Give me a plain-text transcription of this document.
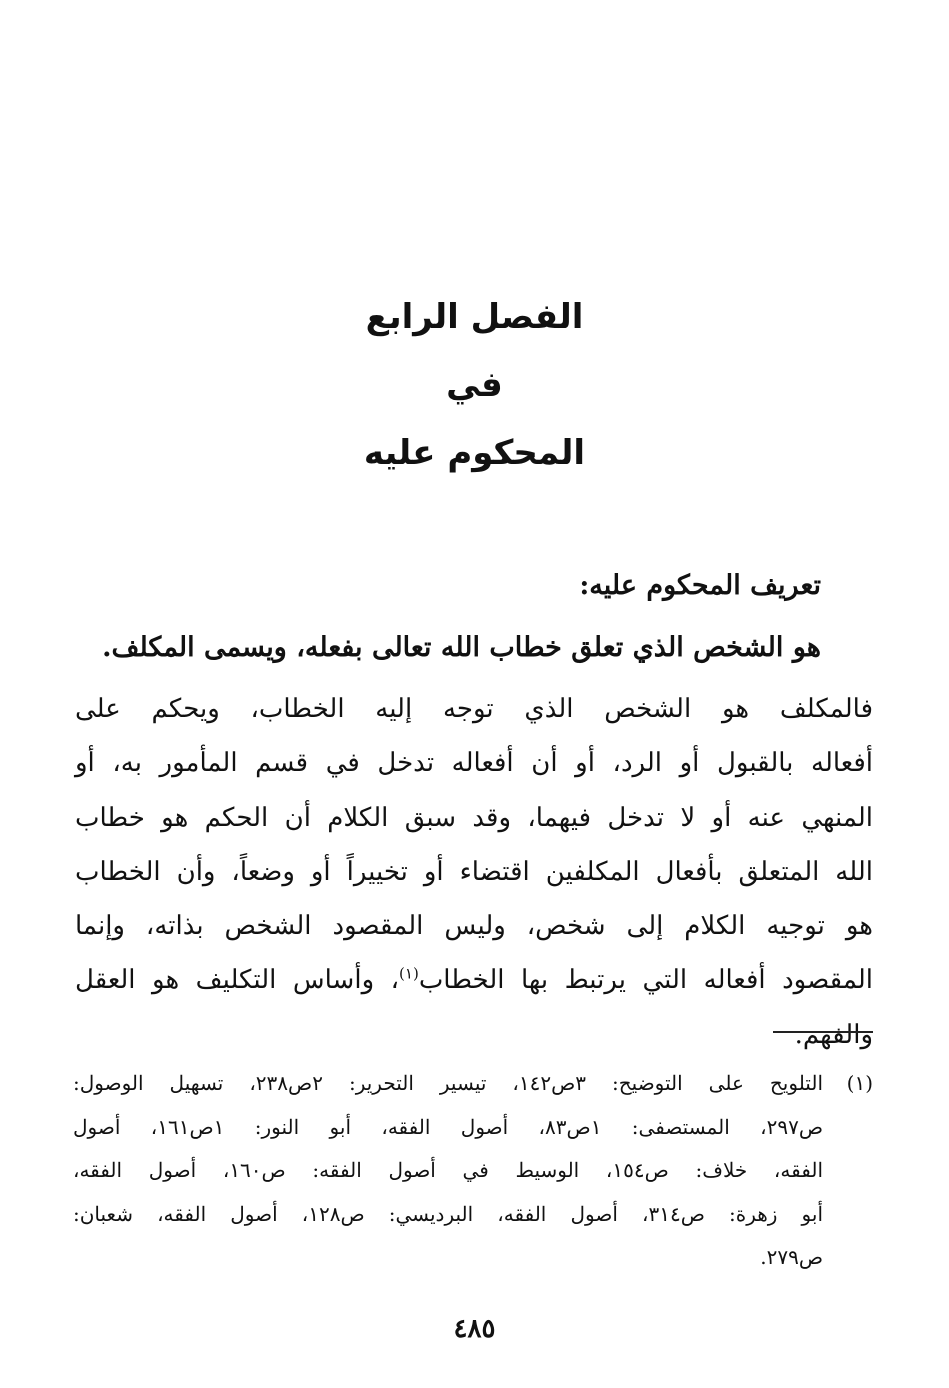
الفصل الرابع
في
المحكوم عليه
تعريف المحكوم عليه:
هو الشخص الذي تعلق خطاب الله تعالى بفعله، ويسمى المكلف.
فالمكلف هو الشخص الذي توجه إليه الخطاب، ويحكم على
أفعاله بالقبول أو الرد، أو أن أفعاله تدخل في قسم المأمور به، أو
المنهي عنه أو لا تدخل فيهما، وقد سبق الكلام أن الحكم هو خطاب
الله المتعلق بأفعال المكلفين اقتضاء أو تخييراً أو وضعاً، وأن الخطاب
هو توجيه الكلام إلى شخص، وليس المقصود الشخص بذاته، وإنما
المقصود أفعاله التي يرتبط بها الخطاب$^{(١)}$، وأساس التكليف هو العقل
والفهم.
(١)
التلويح على التوضيح: ٣ص١٤٢، تيسير التحرير: ٢ص٢٣٨، تسهيل الوصول:
ص٢٩٧، المستصفى: ١ص٨٣، أصول الفقه، أبو النور: ١ص١٦١، أصول
الفقه، خلاف: ص١٥٤، الوسيط في أصول الفقه: ص١٦٠، أصول الفقه،
أبو زهرة: ص٣١٤، أصول الفقه، البرديسي: ص١٢٨، أصول الفقه، شعبان:
ص٢٧٩.
٤٨٥
